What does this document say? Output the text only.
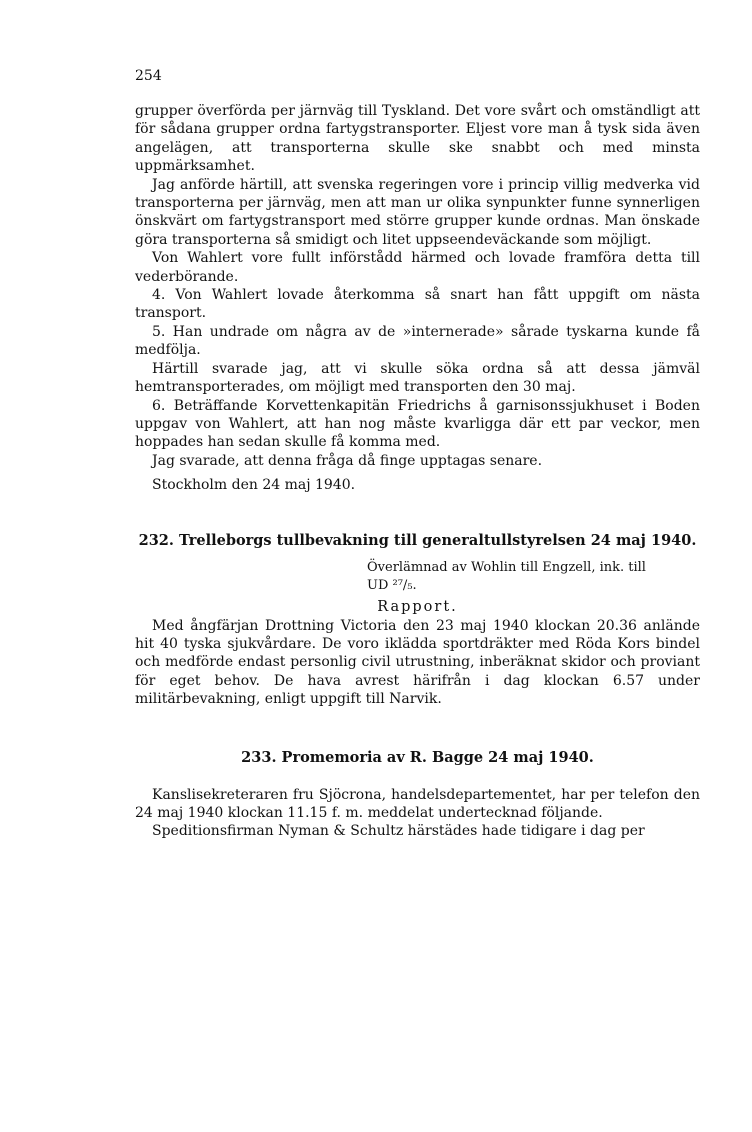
254

grupper överförda per järnväg till Tyskland. Det vore svårt och omständligt att för sådana grupper ordna fartygstransporter. Eljest vore man å tysk sida även angelägen, att transporterna skulle ske snabbt och med minsta uppmärksamhet.

Jag anförde härtill, att svenska regeringen vore i princip villig medverka vid transporterna per järnväg, men att man ur olika synpunkter funne synnerligen önskvärt om fartygstransport med större grupper kunde ordnas. Man önskade göra transporterna så smidigt och litet uppseendeväckande som möjligt.

Von Wahlert vore fullt införstådd härmed och lovade framföra detta till vederbörande.

4. Von Wahlert lovade återkomma så snart han fått uppgift om nästa transport.

5. Han undrade om några av de »internerade» sårade tyskarna kunde få medfölja.

Härtill svarade jag, att vi skulle söka ordna så att dessa jämväl hemtransporterades, om möjligt med transporten den 30 maj.

6. Beträffande Korvettenkapitän Friedrichs å garnisonssjukhuset i Boden uppgav von Wahlert, att han nog måste kvarligga där ett par veckor, men hoppades han sedan skulle få komma med.

Jag svarade, att denna fråga då finge upptagas senare.

Stockholm den 24 maj 1940.

232. Trelleborgs tullbevakning till generaltullstyrelsen 24 maj 1940.

Överlämnad av Wohlin till Engzell, ink. till
UD ²⁷/₅.
Rapport.

Med ångfärjan Drottning Victoria den 23 maj 1940 klockan 20.36 anlände hit 40 tyska sjukvårdare. De voro iklädda sportdräkter med Röda Kors bindel och medförde endast personlig civil utrustning, inberäknat skidor och proviant för eget behov. De hava avrest härifrån i dag klockan 6.57 under militärbevakning, enligt uppgift till Narvik.

233. Promemoria av R. Bagge 24 maj 1940.

Kanslisekreteraren fru Sjöcrona, handelsdepartementet, har per telefon den 24 maj 1940 klockan 11.15 f. m. meddelat undertecknad följande.

Speditionsfirman Nyman & Schultz härstädes hade tidigare i dag per
